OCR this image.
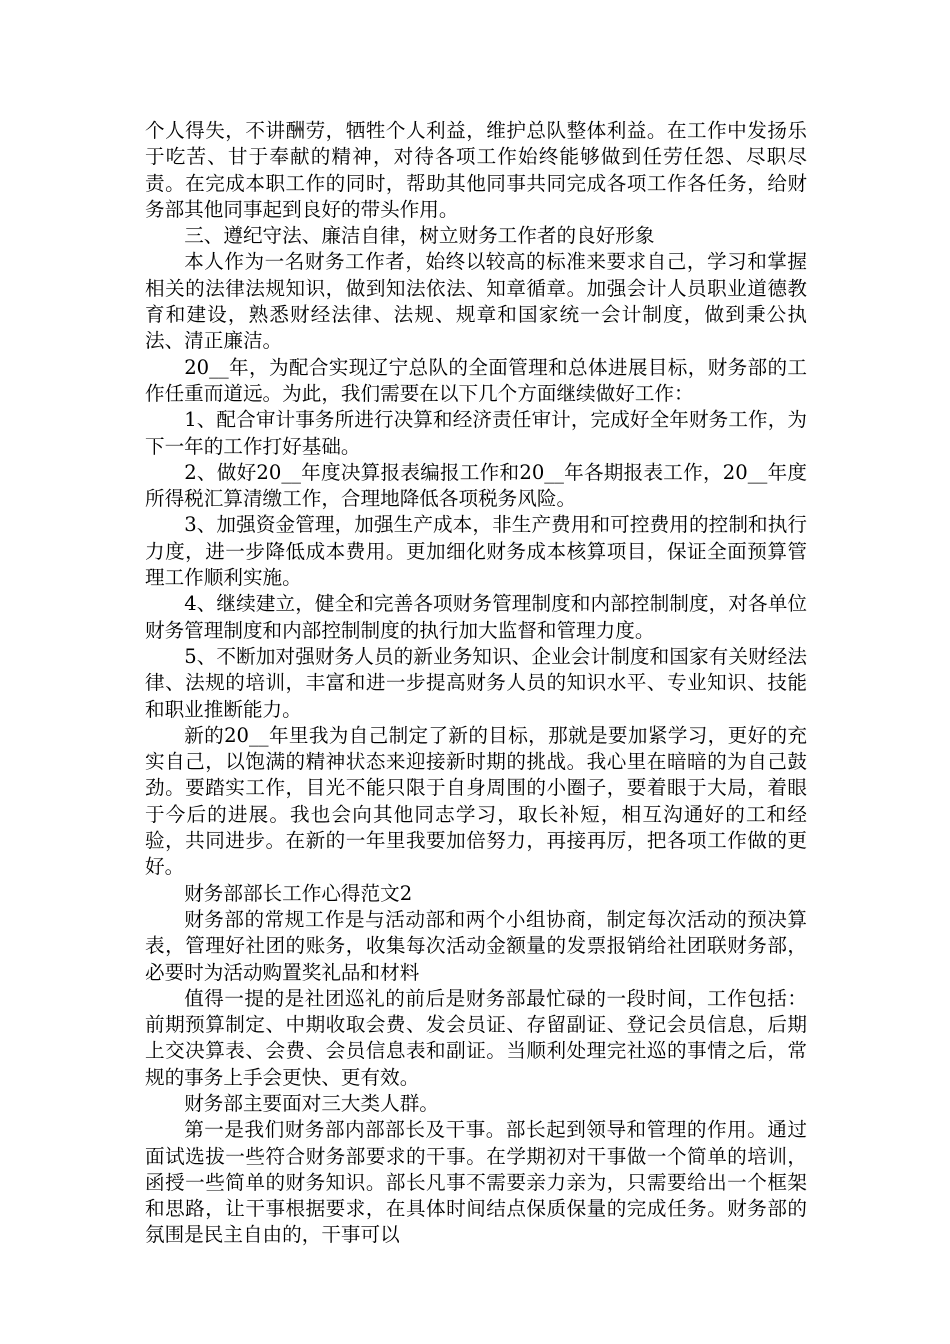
个人得失，不讲酬劳，牺牲个人利益，维护总队整体利益。在工作中发扬乐于吃苦、甘于奉献的精神，对待各项工作始终能够做到任劳任怨、尽职尽责。在完成本职工作的同时，帮助其他同事共同完成各项工作各任务，给财务部其他同事起到良好的带头作用。

三、遵纪守法、廉洁自律，树立财务工作者的良好形象

本人作为一名财务工作者，始终以较高的标准来要求自己，学习和掌握相关的法律法规知识，做到知法依法、知章循章。加强会计人员职业道德教育和建设，熟悉财经法律、法规、规章和国家统一会计制度，做到秉公执法、清正廉洁。

20__年，为配合实现辽宁总队的全面管理和总体进展目标，财务部的工作任重而道远。为此，我们需要在以下几个方面继续做好工作：

1、配合审计事务所进行决算和经济责任审计，完成好全年财务工作，为下一年的工作打好基础。

2、做好20__年度决算报表编报工作和20__年各期报表工作，20__年度所得税汇算清缴工作，合理地降低各项税务风险。

3、加强资金管理，加强生产成本，非生产费用和可控费用的控制和执行力度，进一步降低成本费用。更加细化财务成本核算项目，保证全面预算管理工作顺利实施。

4、继续建立，健全和完善各项财务管理制度和内部控制制度，对各单位财务管理制度和内部控制制度的执行加大监督和管理力度。

5、不断加对强财务人员的新业务知识、企业会计制度和国家有关财经法律、法规的培训，丰富和进一步提高财务人员的知识水平、专业知识、技能和职业推断能力。

新的20__年里我为自己制定了新的目标，那就是要加紧学习，更好的充实自己，以饱满的精神状态来迎接新时期的挑战。我心里在暗暗的为自己鼓劲。要踏实工作，目光不能只限于自身周围的小圈子，要着眼于大局，着眼于今后的进展。我也会向其他同志学习，取长补短，相互沟通好的工和经验，共同进步。在新的一年里我要加倍努力，再接再厉，把各项工作做的更好。

财务部部长工作心得范文2

财务部的常规工作是与活动部和两个小组协商，制定每次活动的预决算表，管理好社团的账务，收集每次活动金额量的发票报销给社团联财务部，必要时为活动购置奖礼品和材料

值得一提的是社团巡礼的前后是财务部最忙碌的一段时间，工作包括：前期预算制定、中期收取会费、发会员证、存留副证、登记会员信息，后期上交决算表、会费、会员信息表和副证。当顺利处理完社巡的事情之后，常规的事务上手会更快、更有效。

财务部主要面对三大类人群。

第一是我们财务部内部部长及干事。部长起到领导和管理的作用。通过面试选拔一些符合财务部要求的干事。在学期初对干事做一个简单的培训，函授一些简单的财务知识。部长凡事不需要亲力亲为，只需要给出一个框架和思路，让干事根据要求，在具体时间结点保质保量的完成任务。财务部的氛围是民主自由的，干事可以
